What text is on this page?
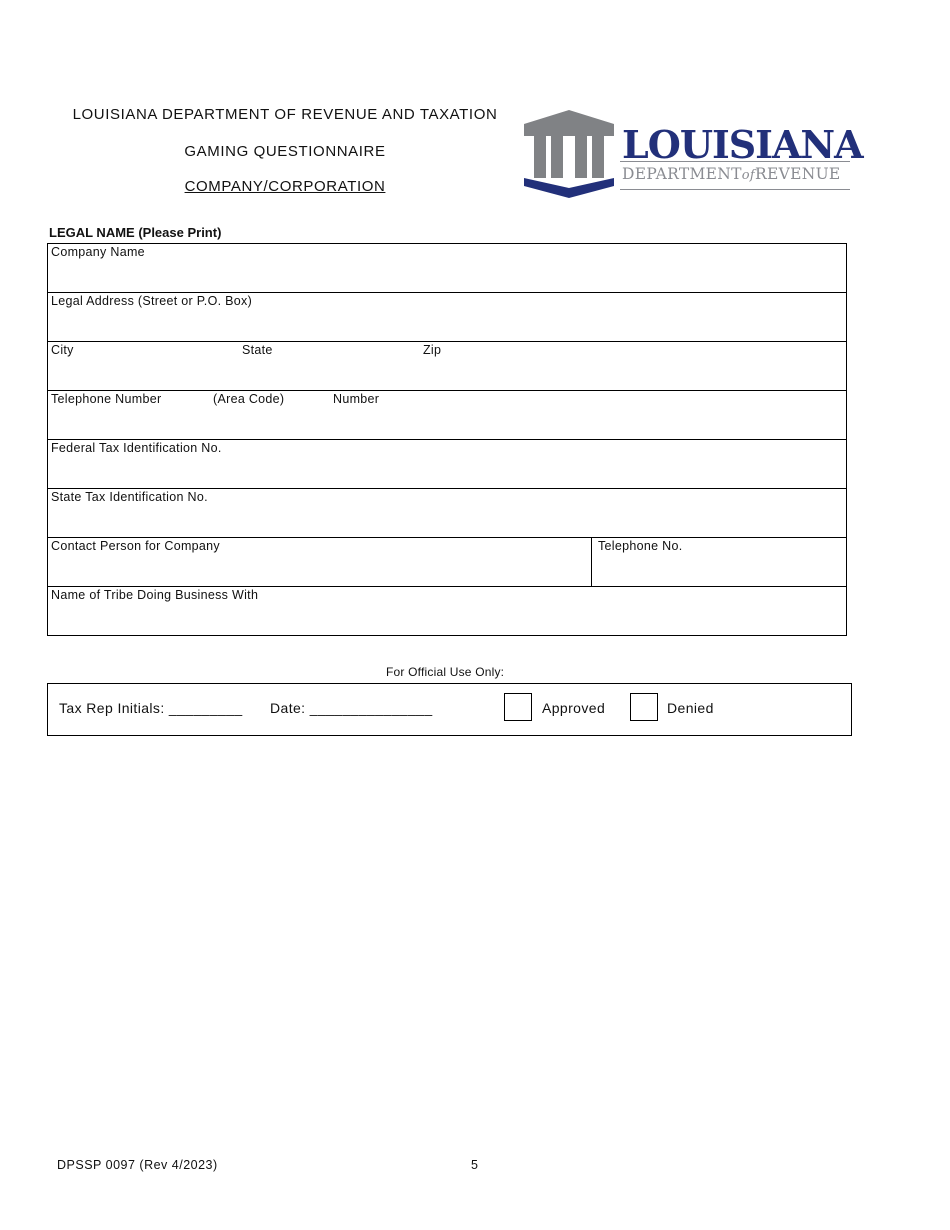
LOUISIANA DEPARTMENT OF REVENUE AND TAXATION
GAMING QUESTIONNAIRE
COMPANY/CORPORATION
LOUISIANA
DEPARTMENTofREVENUE
LEGAL NAME (Please Print)
Company Name
Legal Address (Street or P.O. Box)
City	State	Zip
Telephone Number	(Area Code)	Number
Federal Tax Identification No.
State Tax Identification No.
Contact Person for Company	Telephone No.
Name of Tribe Doing Business With
For Official Use Only:
Tax Rep Initials: _________ Date: _______________	Approved	Denied
DPSSP 0097 (Rev 4/2023)	5
